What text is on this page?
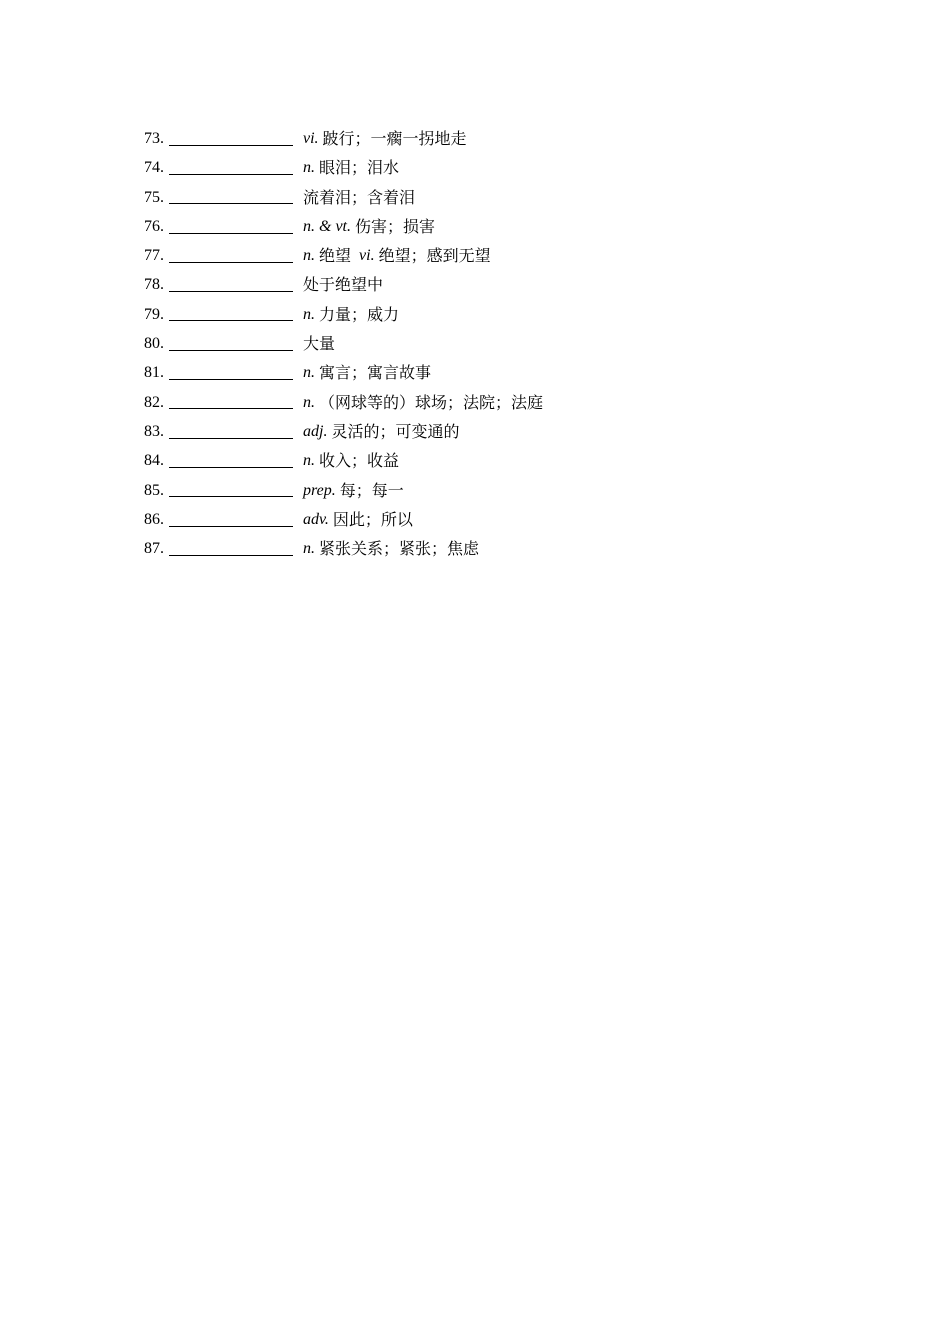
73.	vi. 跛行；一瘸一拐地走
74.	n. 眼泪；泪水
75.	流着泪；含着泪
76.	n. & vt. 伤害；损害
77.	n. 绝望 vi. 绝望；感到无望
78.	处于绝望中
79.	n. 力量；威力
80.	大量
81.	n. 寓言；寓言故事
82.	n. （网球等的）球场；法院；法庭
83.	adj. 灵活的；可变通的
84.	n. 收入；收益
85.	prep. 每；每一
86.	adv. 因此；所以
87.	n. 紧张关系；紧张；焦虑
